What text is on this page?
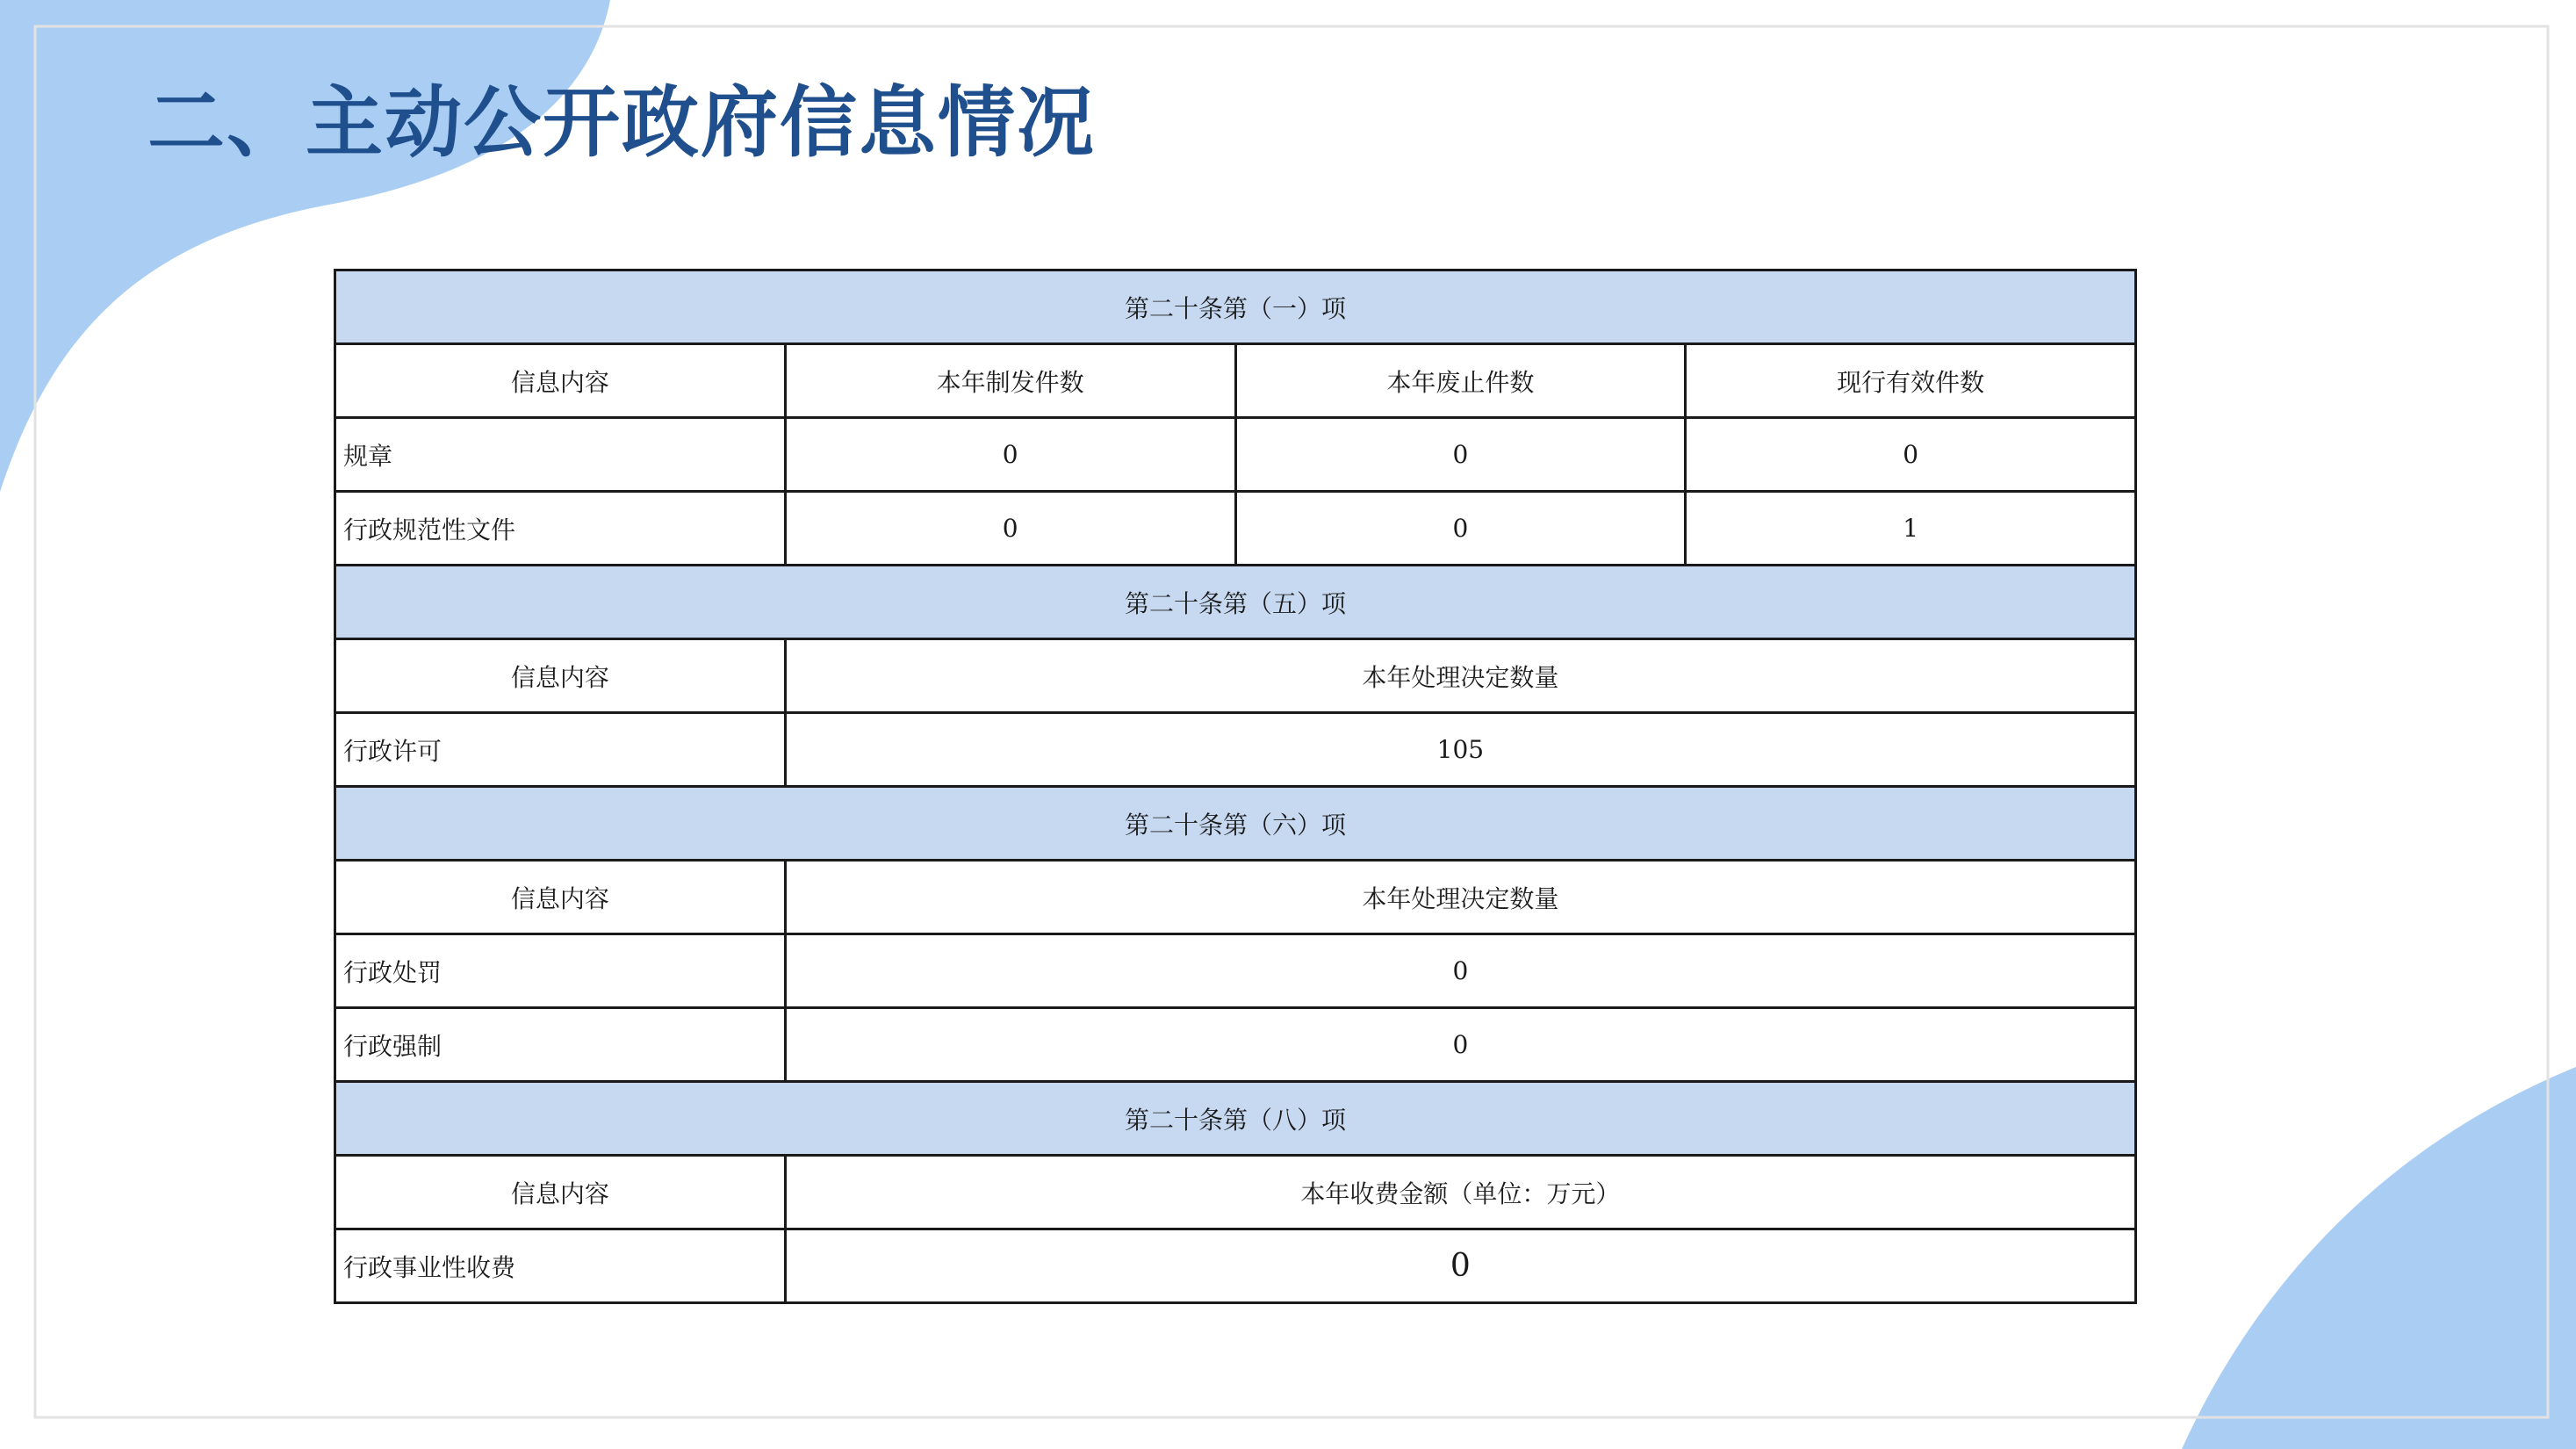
二、主动公开政府信息情况
第二十条第（一）项			
信息内容	本年制发件数	本年废止件数	现行有效件数
规章	0	0	0
行政规范性文件	0	0	1
第二十条第（五）项			
信息内容	本年处理决定数量		
行政许可	105		
第二十条第（六）项			
信息内容	本年处理决定数量		
行政处罚	0		
行政强制	0		
第二十条第（八）项			
信息内容	本年收费金额（单位：万元）		
行政事业性收费	0		
